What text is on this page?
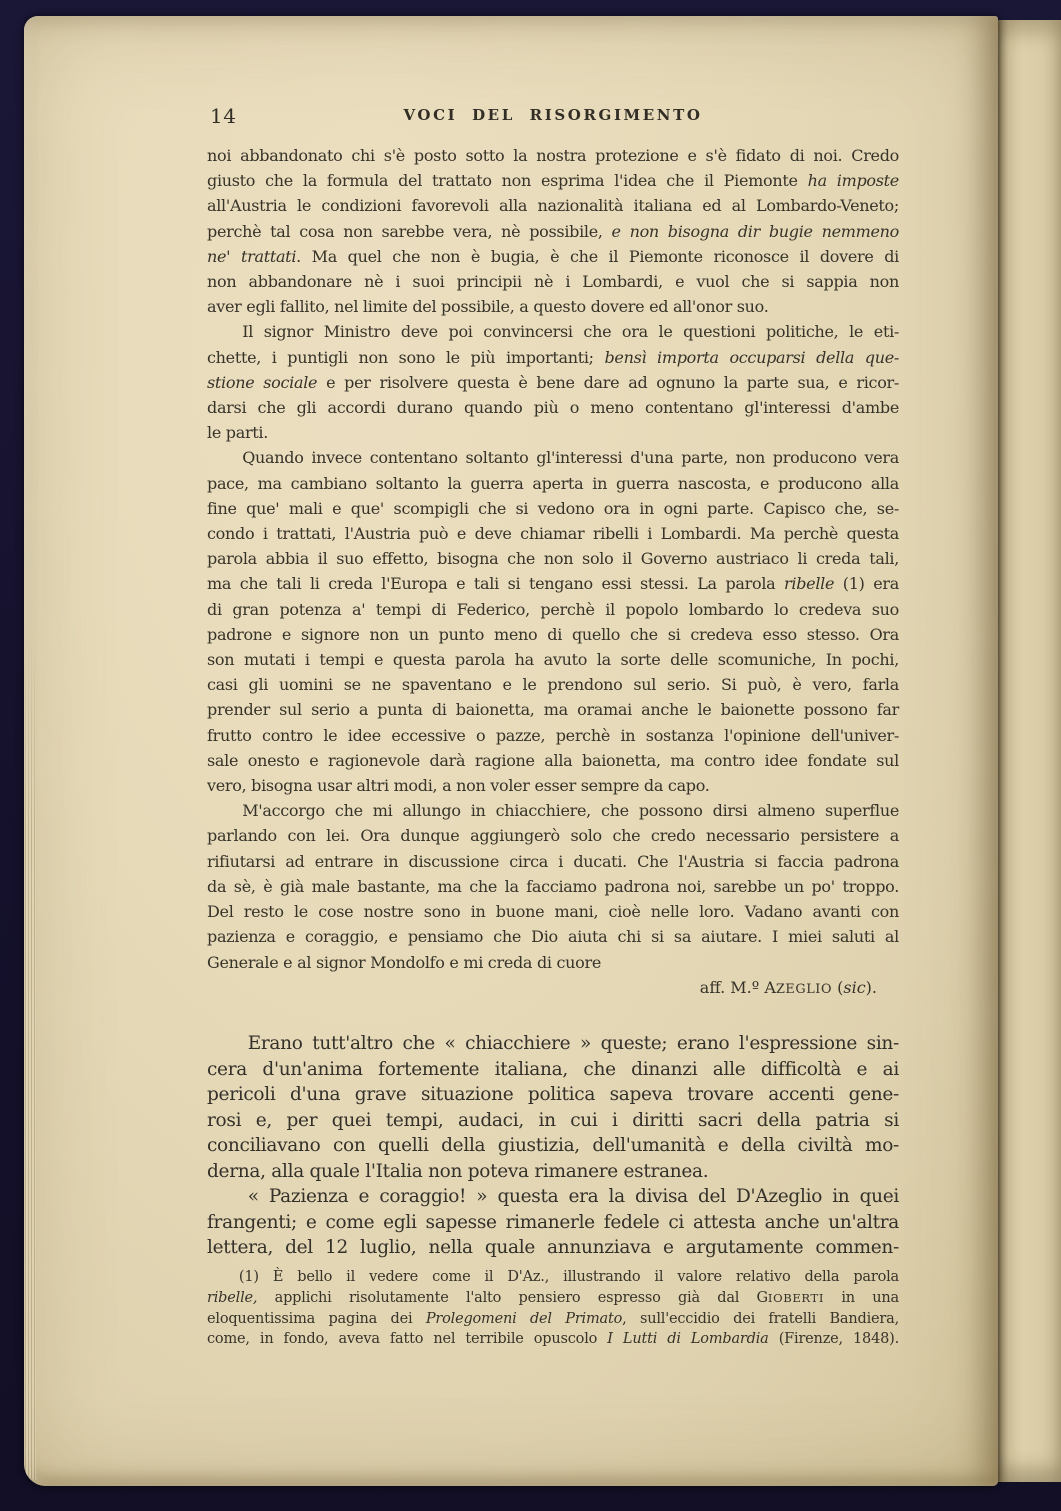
14	VOCI DEL RISORGIMENTO
noi abbandonato chi s'è posto sotto la nostra protezione e s'è fidato di noi. Credo
giusto che la formula del trattato non esprima l'idea che il Piemonte ha imposte
all'Austria le condizioni favorevoli alla nazionalità italiana ed al Lombardo-Veneto;
perchè tal cosa non sarebbe vera, nè possibile, e non bisogna dir bugie nemmeno
ne' trattati. Ma quel che non è bugia, è che il Piemonte riconosce il dovere di
non abbandonare nè i suoi principii nè i Lombardi, e vuol che si sappia non
aver egli fallito, nel limite del possibile, a questo dovere ed all'onor suo.
Il signor Ministro deve poi convincersi che ora le questioni politiche, le eti-
chette, i puntigli non sono le più importanti; bensì importa occuparsi della que-
stione sociale e per risolvere questa è bene dare ad ognuno la parte sua, e ricor-
darsi che gli accordi durano quando più o meno contentano gl'interessi d'ambe
le parti.
Quando invece contentano soltanto gl'interessi d'una parte, non producono vera
pace, ma cambiano soltanto la guerra aperta in guerra nascosta, e producono alla
fine que' mali e que' scompigli che si vedono ora in ogni parte. Capisco che, se-
condo i trattati, l'Austria può e deve chiamar ribelli i Lombardi. Ma perchè questa
parola abbia il suo effetto, bisogna che non solo il Governo austriaco li creda tali,
ma che tali li creda l'Europa e tali si tengano essi stessi. La parola ribelle (1) era
di gran potenza a' tempi di Federico, perchè il popolo lombardo lo credeva suo
padrone e signore non un punto meno di quello che si credeva esso stesso. Ora
son mutati i tempi e questa parola ha avuto la sorte delle scomuniche, In pochi,
casi gli uomini se ne spaventano e le prendono sul serio. Si può, è vero, farla
prender sul serio a punta di baionetta, ma oramai anche le baionette possono far
frutto contro le idee eccessive o pazze, perchè in sostanza l'opinione dell'univer-
sale onesto e ragionevole darà ragione alla baionetta, ma contro idee fondate sul
vero, bisogna usar altri modi, a non voler esser sempre da capo.
M'accorgo che mi allungo in chiacchiere, che possono dirsi almeno superflue
parlando con lei. Ora dunque aggiungerò solo che credo necessario persistere a
rifiutarsi ad entrare in discussione circa i ducati. Che l'Austria si faccia padrona
da sè, è già male bastante, ma che la facciamo padrona noi, sarebbe un po' troppo.
Del resto le cose nostre sono in buone mani, cioè nelle loro. Vadano avanti con
pazienza e coraggio, e pensiamo che Dio aiuta chi si sa aiutare. I miei saluti al
Generale e al signor Mondolfo e mi creda di cuore
aff. M.º AZEGLIO (sic).
Erano tutt'altro che « chiacchiere » queste; erano l'espressione sin-
cera d'un'anima fortemente italiana, che dinanzi alle difficoltà e ai
pericoli d'una grave situazione politica sapeva trovare accenti gene-
rosi e, per quei tempi, audaci, in cui i diritti sacri della patria si
conciliavano con quelli della giustizia, dell'umanità e della civiltà mo-
derna, alla quale l'Italia non poteva rimanere estranea.
« Pazienza e coraggio! » questa era la divisa del D'Azeglio in quei
frangenti; e come egli sapesse rimanerle fedele ci attesta anche un'altra
lettera, del 12 luglio, nella quale annunziava e argutamente commen-
(1) È bello il vedere come il D'Az., illustrando il valore relativo della parola
ribelle, applichi risolutamente l'alto pensiero espresso già dal GIOBERTI in una
eloquentissima pagina dei Prolegomeni del Primato, sull'eccidio dei fratelli Bandiera,
come, in fondo, aveva fatto nel terribile opuscolo I Lutti di Lombardia (Firenze, 1848).
